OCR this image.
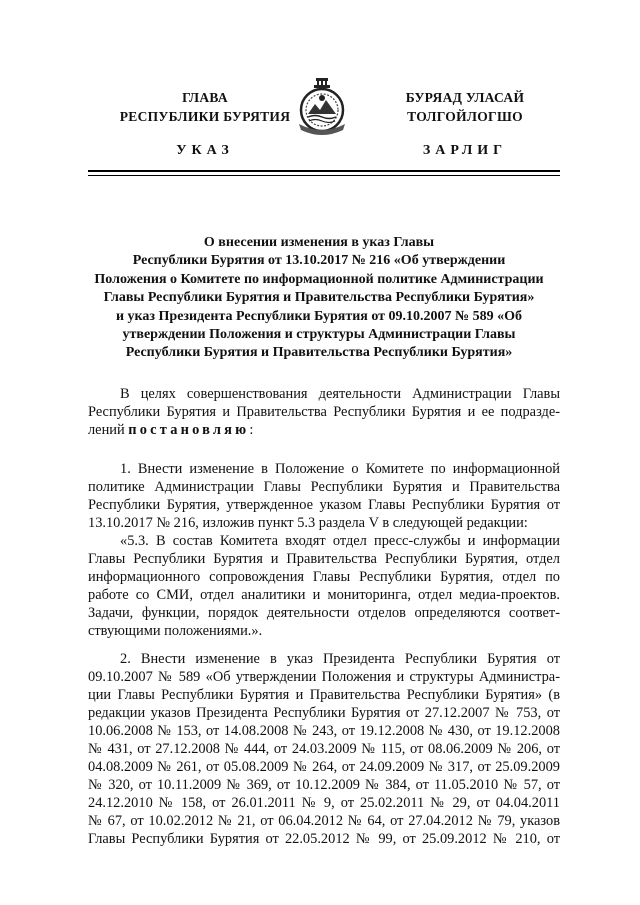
ГЛАВА
РЕСПУБЛИКИ БУРЯТИЯ
УКАЗ
БУРЯАД УЛАСАЙ
ТОЛГОЙЛОГШО
ЗАРЛИГ
О внесении изменения в указ Главы
Республики Бурятия от 13.10.2017 № 216 «Об утверждении
Положения о Комитете по информационной политике Администрации
Главы Республики Бурятия и Правительства Республики Бурятия»
и указ Президента Республики Бурятия от 09.10.2007 № 589 «Об
утверждении Положения и структуры Администрации Главы
Республики Бурятия и Правительства Республики Бурятия»
В целях совершенствования деятельности Администрации Главы
Республики Бурятия и Правительства Республики Бурятия и ее подразде-
лений постановляю:
1. Внести изменение в Положение о Комитете по информационной
политике Администрации Главы Республики Бурятия и Правительства
Республики Бурятия, утвержденное указом Главы Республики Бурятия от
13.10.2017 № 216, изложив пункт 5.3 раздела V в следующей редакции:
«5.3. В состав Комитета входят отдел пресс-службы и информации
Главы Республики Бурятия и Правительства Республики Бурятия, отдел
информационного сопровождения Главы Республики Бурятия, отдел по
работе со СМИ, отдел аналитики и мониторинга, отдел медиа-проектов.
Задачи, функции, порядок деятельности отделов определяются соответ-
ствующими положениями.».
2. Внести изменение в указ Президента Республики Бурятия от
09.10.2007 № 589 «Об утверждении Положения и структуры Администра-
ции Главы Республики Бурятия и Правительства Республики Бурятия» (в
редакции указов Президента Республики Бурятия от 27.12.2007 № 753, от
10.06.2008 № 153, от 14.08.2008 № 243, от 19.12.2008 № 430, от 19.12.2008
№ 431, от 27.12.2008 № 444, от 24.03.2009 № 115, от 08.06.2009 № 206, от
04.08.2009 № 261, от 05.08.2009 № 264, от 24.09.2009 № 317, от 25.09.2009
№ 320, от 10.11.2009 № 369, от 10.12.2009 № 384, от 11.05.2010 № 57, от
24.12.2010 № 158, от 26.01.2011 № 9, от 25.02.2011 № 29, от 04.04.2011
№ 67, от 10.02.2012 № 21, от 06.04.2012 № 64, от 27.04.2012 № 79, указов
Главы Республики Бурятия от 22.05.2012 № 99, от 25.09.2012 № 210, от
